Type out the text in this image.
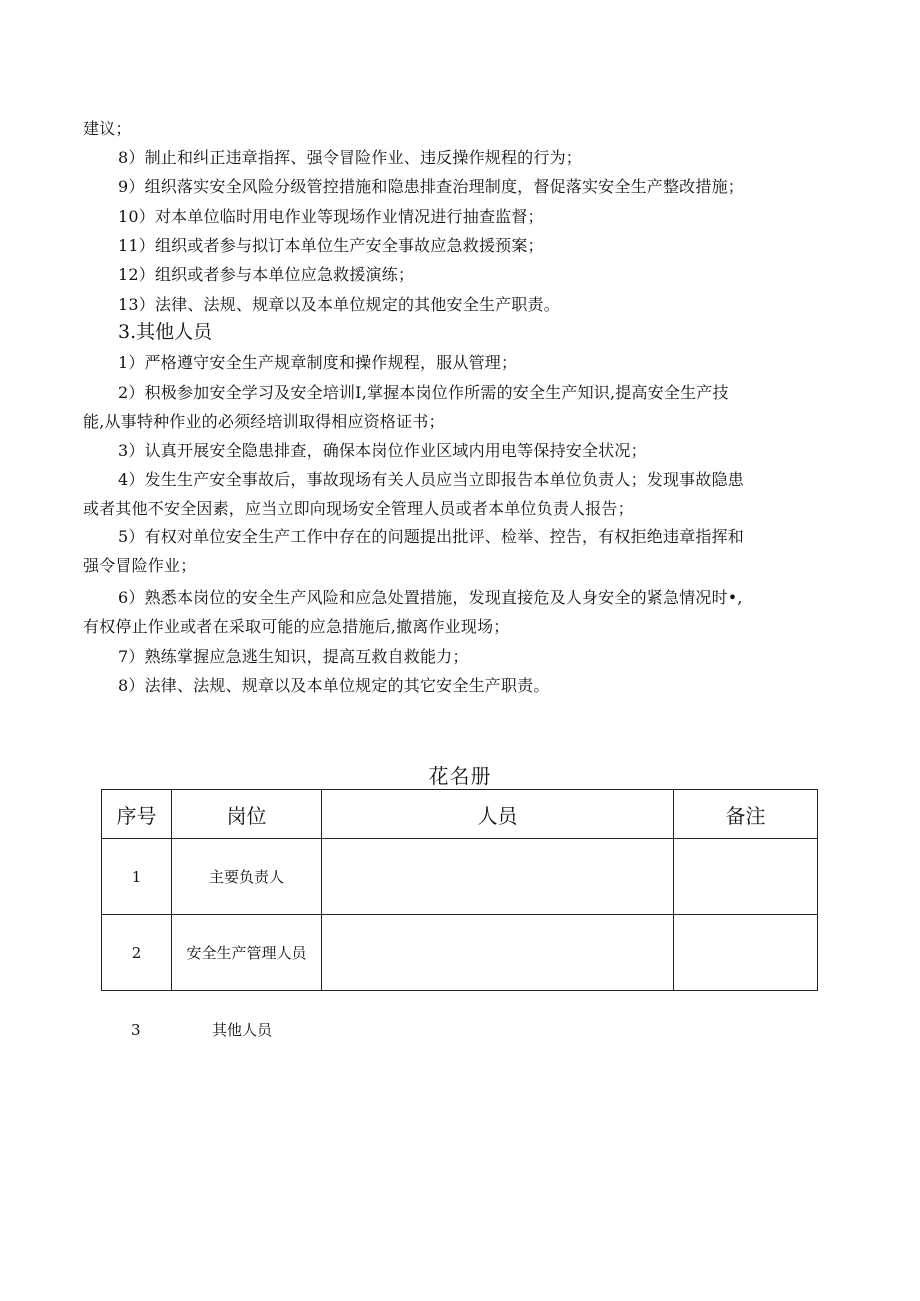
建议；
8）制止和纠正违章指挥、强令冒险作业、违反操作规程的行为；
9）组织落实安全风险分级管控措施和隐患排查治理制度，督促落实安全生产整改措施；
10）对本单位临时用电作业等现场作业情况进行抽查监督；
11）组织或者参与拟订本单位生产安全事故应急救援预案；
12）组织或者参与本单位应急救援演练；
13）法律、法规、规章以及本单位规定的其他安全生产职责。
3.其他人员
1）严格遵守安全生产规章制度和操作规程，服从管理；
2）积极参加安全学习及安全培训I,掌握本岗位作所需的安全生产知识,提高安全生产技
能,从事特种作业的必须经培训取得相应资格证书；
3）认真开展安全隐患排查，确保本岗位作业区域内用电等保持安全状况；
4）发生生产安全事故后，事故现场有关人员应当立即报告本单位负责人；发现事故隐患
或者其他不安全因素，应当立即向现场安全管理人员或者本单位负责人报告；
5）有权对单位安全生产工作中存在的问题提出批评、检举、控告，有权拒绝违章指挥和
强令冒险作业；
6）熟悉本岗位的安全生产风险和应急处置措施，发现直接危及人身安全的紧急情况时•,
有权停止作业或者在采取可能的应急措施后,撤离作业现场；
7）熟练掌握应急逃生知识，提高互救自救能力；
8）法律、法规、规章以及本单位规定的其它安全生产职责。
花名册
序号	岗位	人员	备注
1	主要负责人		
2	安全生产管理人员		
3	其他人员
